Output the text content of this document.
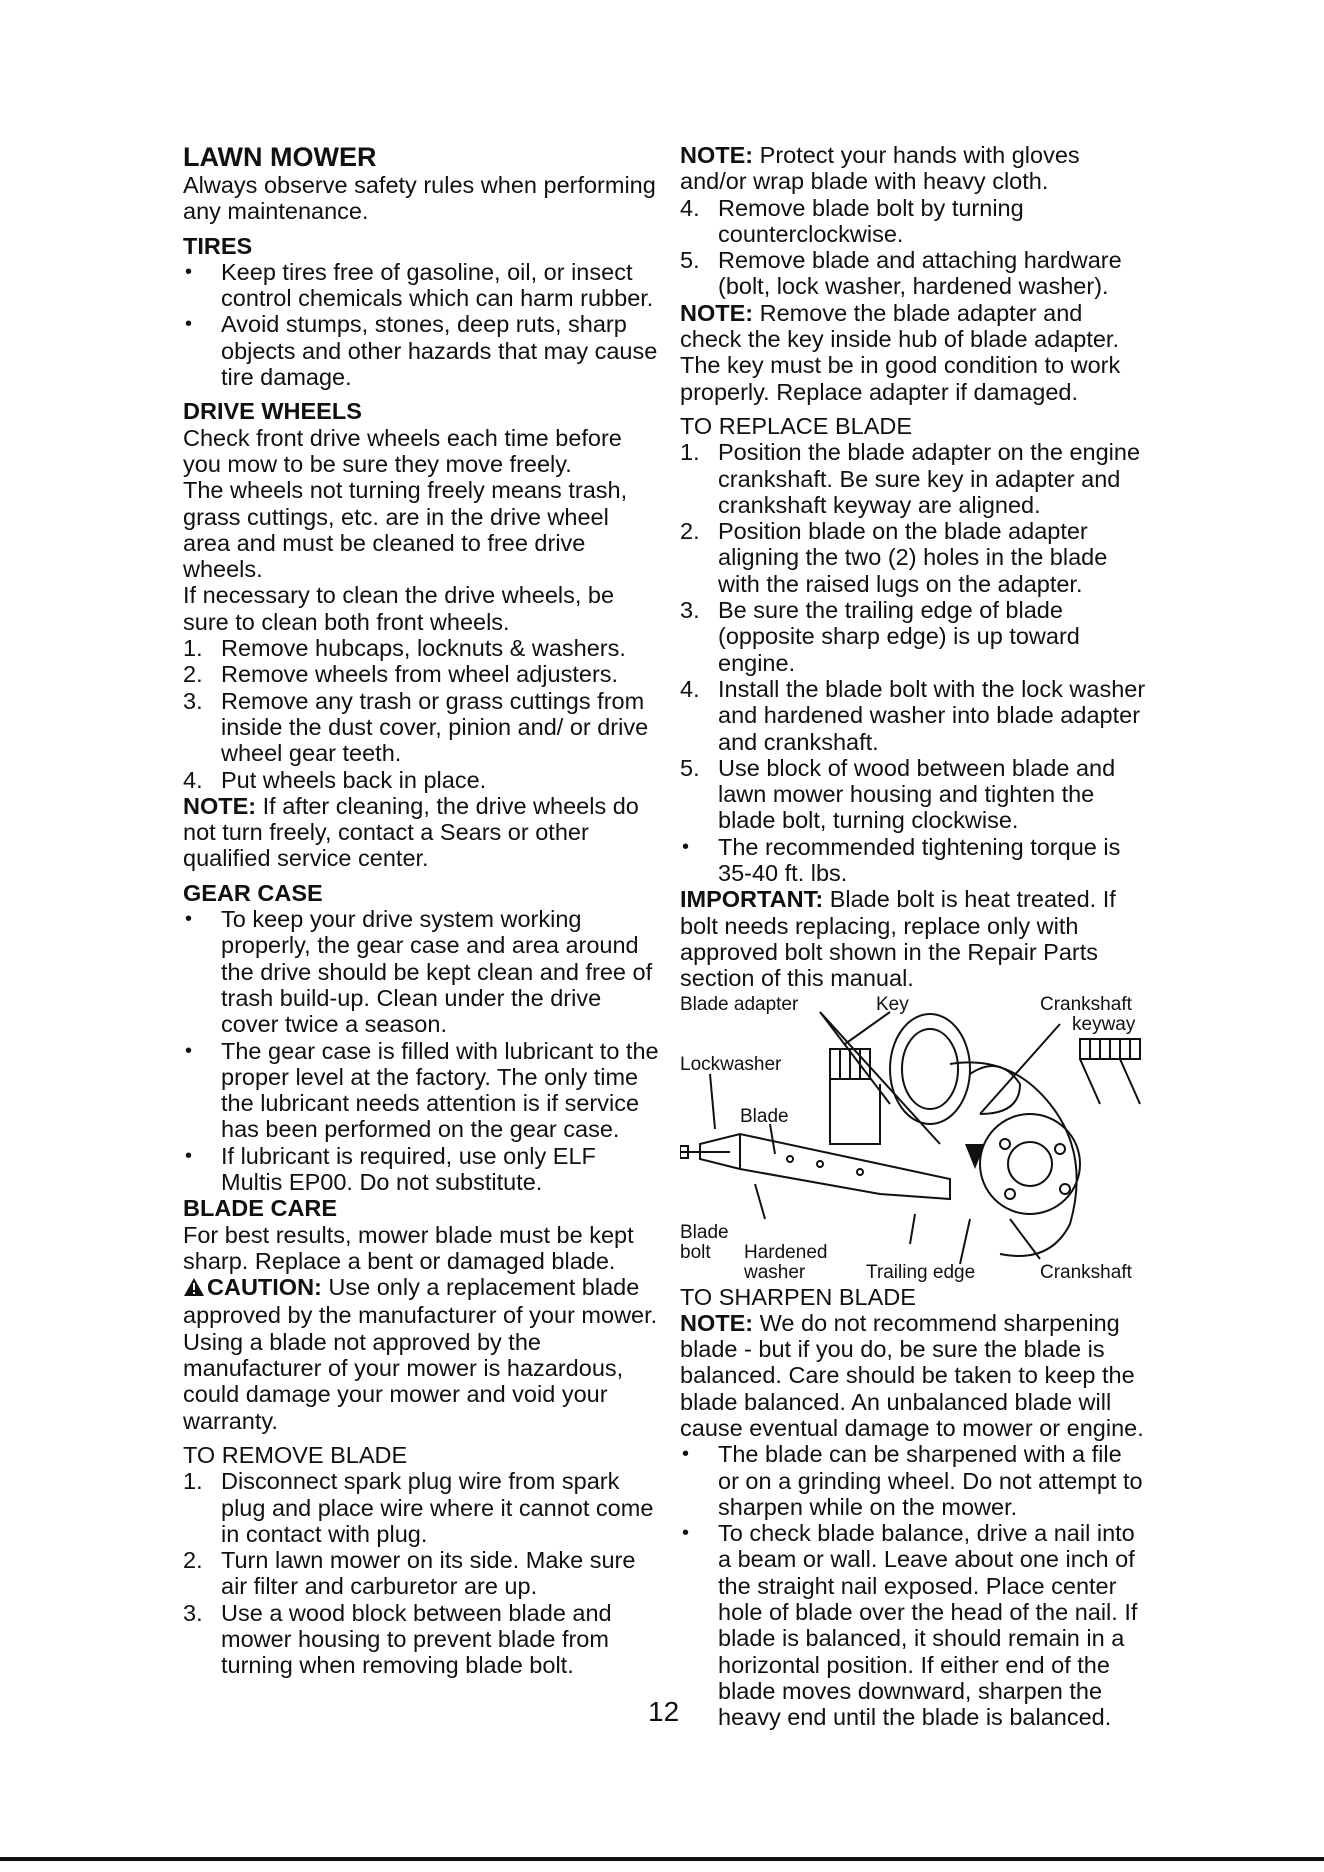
LAWN MOWER

Always observe safety rules when performing any maintenance.

TIRES

• Keep tires free of gasoline, oil, or insect control chemicals which can harm rubber.

• Avoid stumps, stones, deep ruts, sharp objects and other hazards that may cause tire damage.

DRIVE WHEELS

Check front drive wheels each time before you mow to be sure they move freely.

The wheels not turning freely means trash, grass cuttings, etc. are in the drive wheel area and must be cleaned to free drive wheels.

If necessary to clean the drive wheels, be sure to clean both front wheels.

1. Remove hubcaps, locknuts & washers.

2. Remove wheels from wheel adjusters.

3. Remove any trash or grass cuttings from inside the dust cover, pinion and/ or drive wheel gear teeth.

4. Put wheels back in place.

NOTE: If after cleaning, the drive wheels do not turn freely, contact a Sears or other qualified service center.

GEAR CASE

• To keep your drive system working properly, the gear case and area around the drive should be kept clean and free of trash build-up. Clean under the drive cover twice a season.

• The gear case is filled with lubricant to the proper level at the factory. The only time the lubricant needs attention is if service has been performed on the gear case.

• If lubricant is required, use only ELF Multis EP00. Do not substitute.

BLADE CARE

For best results, mower blade must be kept sharp. Replace a bent or damaged blade.

CAUTION: Use only a replacement blade approved by the manufacturer of your mower. Using a blade not approved by the manufacturer of your mower is hazardous, could damage your mower and void your warranty.

TO REMOVE BLADE

1. Disconnect spark plug wire from spark plug and place wire where it cannot come in contact with plug.

2. Turn lawn mower on its side. Make sure air filter and carburetor are up.

3. Use a wood block between blade and mower housing to prevent blade from turning when removing blade bolt.

NOTE: Protect your hands with gloves and/or wrap blade with heavy cloth.

4. Remove blade bolt by turning counterclockwise.

5. Remove blade and attaching hardware (bolt, lock washer, hardened washer).

NOTE: Remove the blade adapter and check the key inside hub of blade adapter. The key must be in good condition to work properly. Replace adapter if damaged.

TO REPLACE BLADE

1. Position the blade adapter on the engine crankshaft. Be sure key in adapter and crankshaft keyway are aligned.

2. Position blade on the blade adapter aligning the two (2) holes in the blade with the raised lugs on the adapter.

3. Be sure the trailing edge of blade (opposite sharp edge) is up toward engine.

4. Install the blade bolt with the lock washer and hardened washer into blade adapter and crankshaft.

5. Use block of wood between blade and lawn mower housing and tighten the blade bolt, turning clockwise.

• The recommended tightening torque is 35-40 ft. lbs.

IMPORTANT: Blade bolt is heat treated. If bolt needs replacing, replace only with approved bolt shown in the Repair Parts section of this manual.

Blade adapter	Key	Crankshaft
keyway
Lockwasher
Blade
Blade
bolt Hardened
washer	Trailing edge	Crankshaft

TO SHARPEN BLADE

NOTE: We do not recommend sharpening blade - but if you do, be sure the blade is balanced. Care should be taken to keep the blade balanced. An unbalanced blade will cause eventual damage to mower or engine.

• The blade can be sharpened with a file or on a grinding wheel. Do not attempt to sharpen while on the mower.

• To check blade balance, drive a nail into a beam or wall. Leave about one inch of the straight nail exposed. Place center hole of blade over the head of the nail. If blade is balanced, it should remain in a horizontal position. If either end of the blade moves downward, sharpen the heavy end until the blade is balanced.

12
